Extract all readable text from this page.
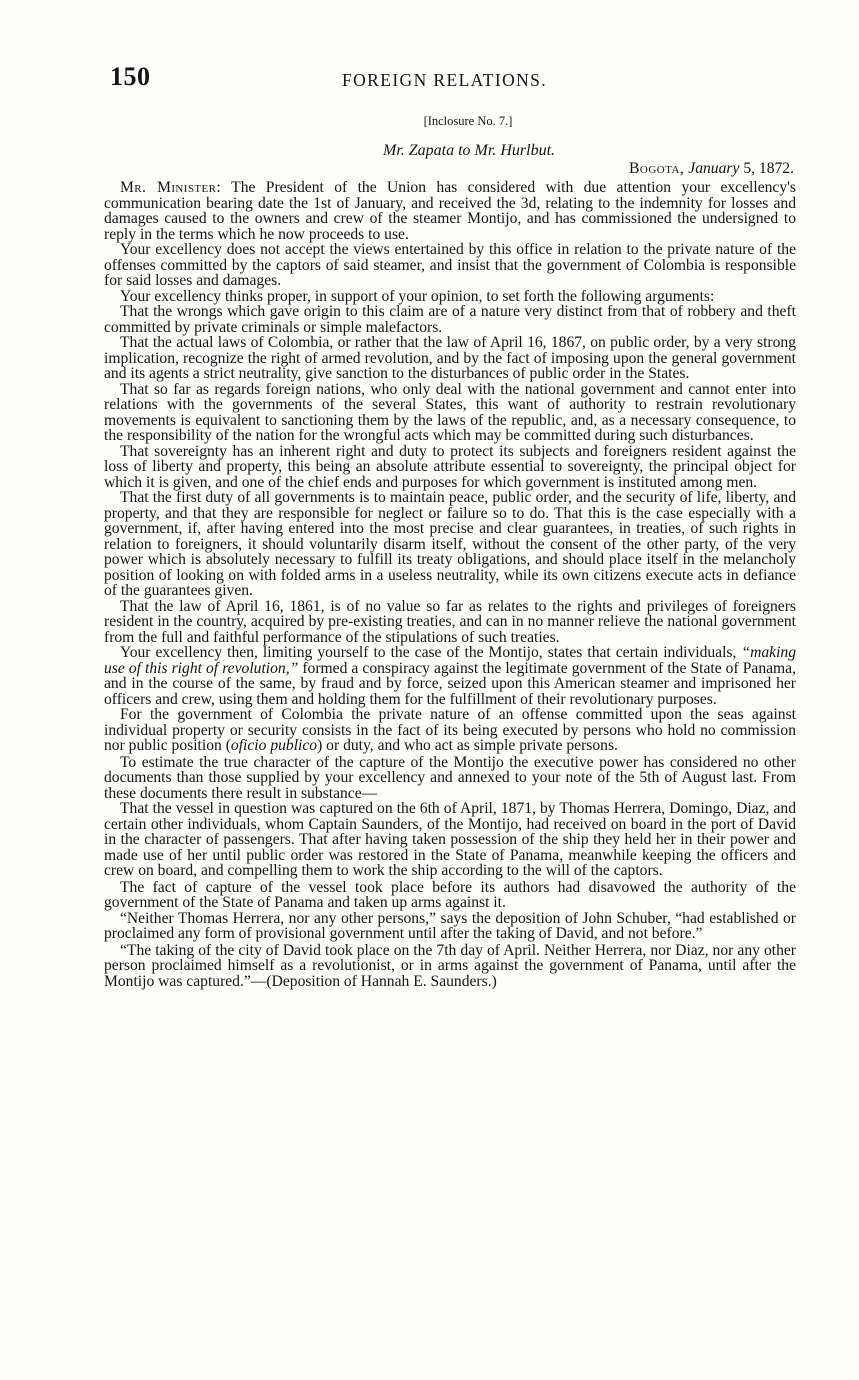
150	FOREIGN RELATIONS.
[Inclosure No. 7.]
Mr. Zapata to Mr. Hurlbut.
Bogota, January 5, 1872.

Mr. Minister: The President of the Union has considered with due attention your excellency's communication bearing date the 1st of January, and received the 3d, relating to the indemnity for losses and damages caused to the owners and crew of the steamer Montijo, and has commissioned the undersigned to reply in the terms which he now proceeds to use.

Your excellency does not accept the views entertained by this office in relation to the private nature of the offenses committed by the captors of said steamer, and insist that the government of Colombia is responsible for said losses and damages.

Your excellency thinks proper, in support of your opinion, to set forth the following arguments:

That the wrongs which gave origin to this claim are of a nature very distinct from that of robbery and theft committed by private criminals or simple malefactors.

That the actual laws of Colombia, or rather that the law of April 16, 1867, on public order, by a very strong implication, recognize the right of armed revolution, and by the fact of imposing upon the general government and its agents a strict neutrality, give sanction to the disturbances of public order in the States.

That so far as regards foreign nations, who only deal with the national government and cannot enter into relations with the governments of the several States, this want of authority to restrain revolutionary movements is equivalent to sanctioning them by the laws of the republic, and, as a necessary consequence, to the responsibility of the nation for the wrongful acts which may be committed during such disturbances.

That sovereignty has an inherent right and duty to protect its subjects and foreigners resident against the loss of liberty and property, this being an absolute attribute essential to sovereignty, the principal object for which it is given, and one of the chief ends and purposes for which government is instituted among men.

That the first duty of all governments is to maintain peace, public order, and the security of life, liberty, and property, and that they are responsible for neglect or failure so to do. That this is the case especially with a government, if, after having entered into the most precise and clear guarantees, in treaties, of such rights in relation to foreigners, it should voluntarily disarm itself, without the consent of the other party, of the very power which is absolutely necessary to fulfill its treaty obligations, and should place itself in the melancholy position of looking on with folded arms in a useless neutrality, while its own citizens execute acts in defiance of the guarantees given.

That the law of April 16, 1861, is of no value so far as relates to the rights and privileges of foreigners resident in the country, acquired by pre-existing treaties, and can in no manner relieve the national government from the full and faithful performance of the stipulations of such treaties.

Your excellency then, limiting yourself to the case of the Montijo, states that certain individuals, “making use of this right of revolution,” formed a conspiracy against the legitimate government of the State of Panama, and in the course of the same, by fraud and by force, seized upon this American steamer and imprisoned her officers and crew, using them and holding them for the fulfillment of their revolutionary purposes.

For the government of Colombia the private nature of an offense committed upon the seas against individual property or security consists in the fact of its being executed by persons who hold no commission nor public position (oficio publico) or duty, and who act as simple private persons.

To estimate the true character of the capture of the Montijo the executive power has considered no other documents than those supplied by your excellency and annexed to your note of the 5th of August last. From these documents there result in substance—

That the vessel in question was captured on the 6th of April, 1871, by Thomas Herrera, Domingo, Diaz, and certain other individuals, whom Captain Saunders, of the Montijo, had received on board in the port of David in the character of passengers. That after having taken possession of the ship they held her in their power and made use of her until public order was restored in the State of Panama, meanwhile keeping the officers and crew on board, and compelling them to work the ship according to the will of the captors.

The fact of capture of the vessel took place before its authors had disavowed the authority of the government of the State of Panama and taken up arms against it.

“Neither Thomas Herrera, nor any other persons,” says the deposition of John Schuber, “had established or proclaimed any form of provisional government until after the taking of David, and not before.”

“The taking of the city of David took place on the 7th day of April. Neither Herrera, nor Diaz, nor any other person proclaimed himself as a revolutionist, or in arms against the government of Panama, until after the Montijo was captured.”—(Deposition of Hannah E. Saunders.)
